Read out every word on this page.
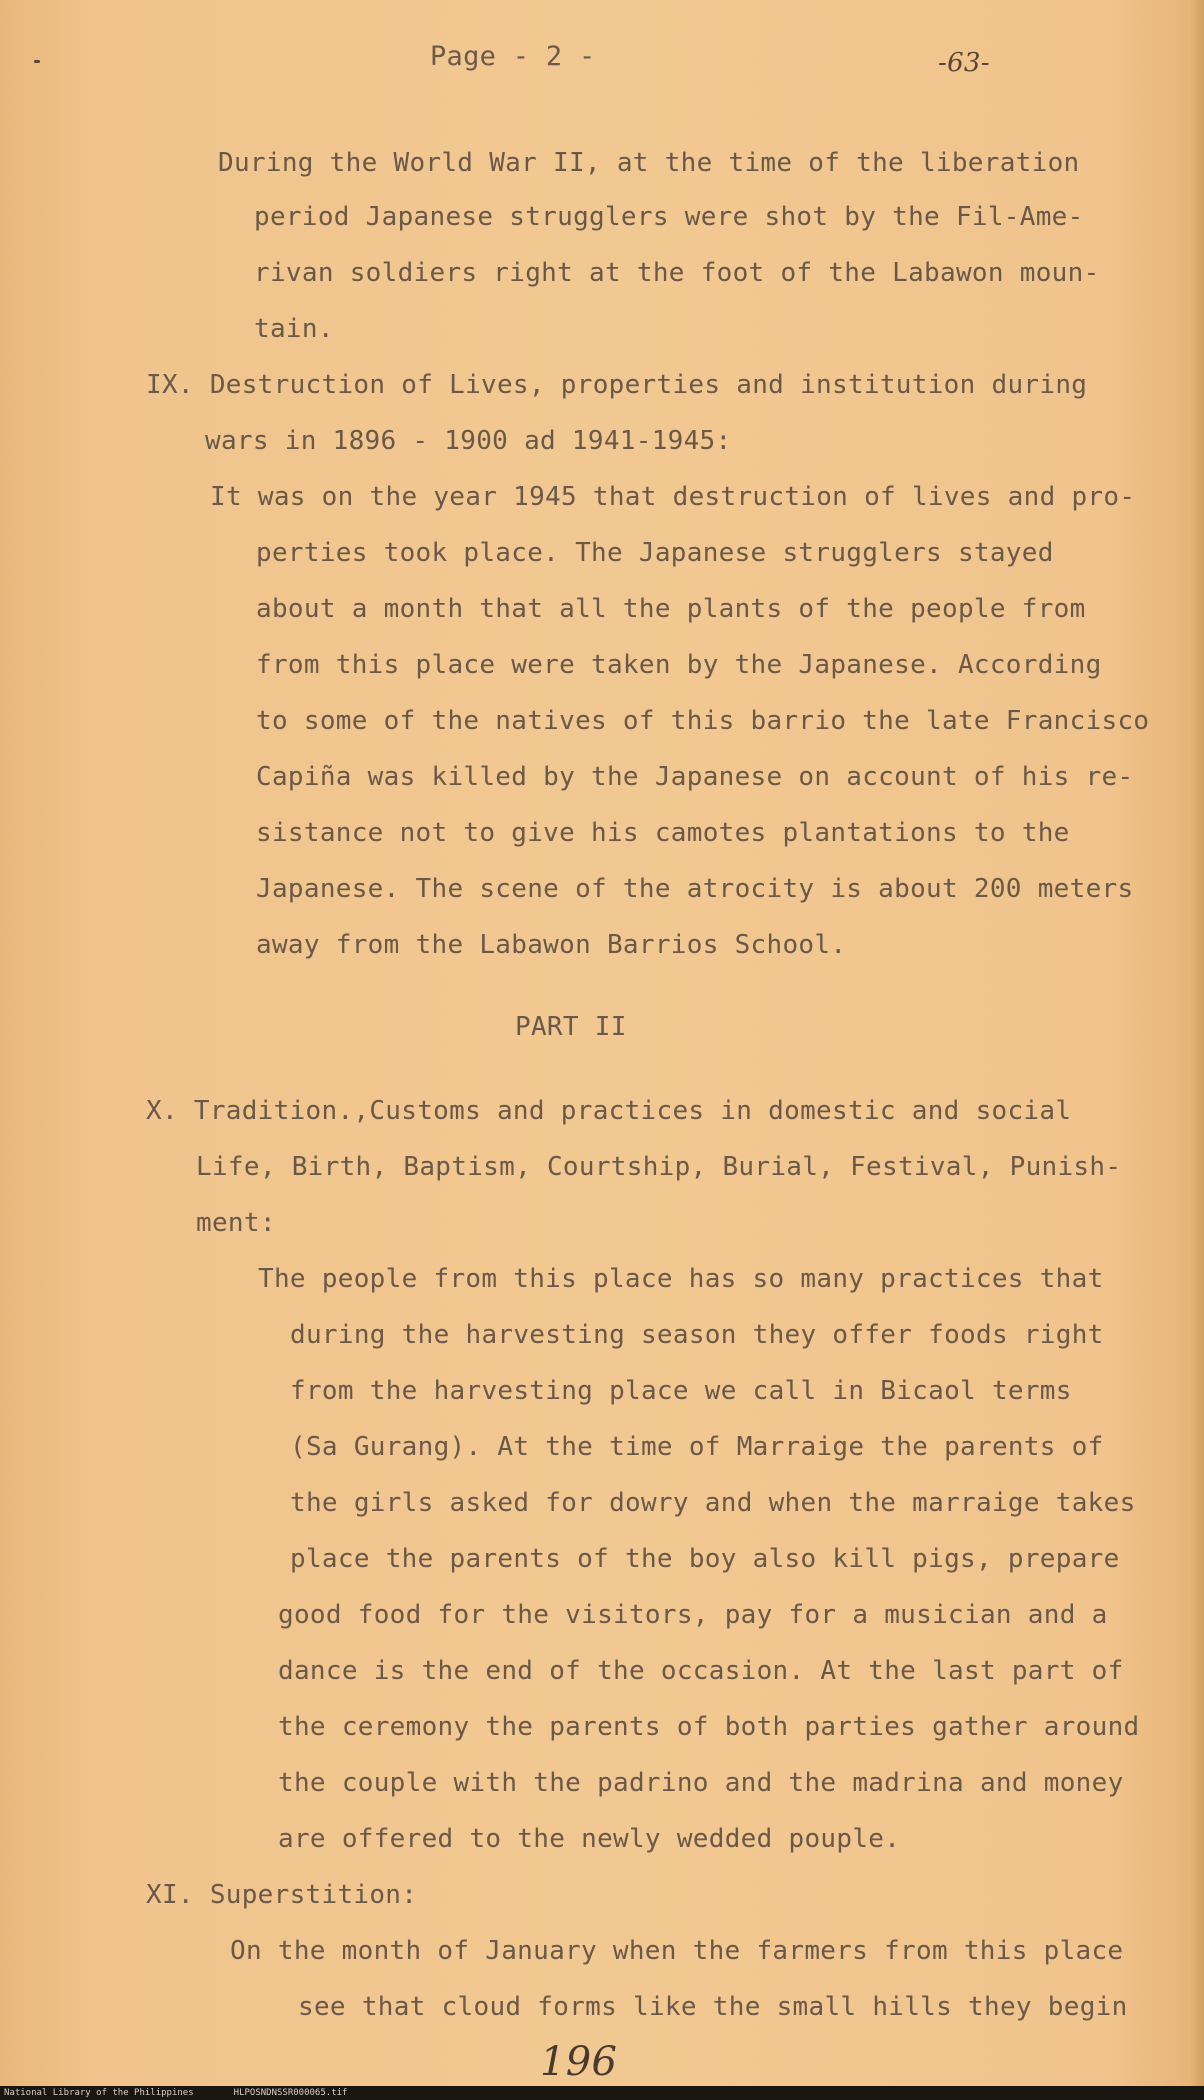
Page - 2 -	-63-
During the World War II, at the time of the liberation
period Japanese strugglers were shot by the Fil-Ame-
rivan soldiers right at the foot of the Labawon moun-
tain.
IX. Destruction of Lives, properties and institution during
wars in 1896 - 1900 ad 1941-1945:
It was on the year 1945 that destruction of lives and pro-
perties took place. The Japanese strugglers stayed
about a month that all the plants of the people from
from this place were taken by the Japanese. According
to some of the natives of this barrio the late Francisco
Capiña was killed by the Japanese on account of his re-
sistance not to give his camotes plantations to the
Japanese. The scene of the atrocity is about 200 meters
away from the Labawon Barrios School.
PART II
X. Tradition.,Customs and practices in domestic and social
Life, Birth, Baptism, Courtship, Burial, Festival, Punish-
ment:
The people from this place has so many practices that
during the harvesting season they offer foods right
from the harvesting place we call in Bicaol terms
(Sa Gurang). At the time of Marraige the parents of
the girls asked for dowry and when the marraige takes
place the parents of the boy also kill pigs, prepare
good food for the visitors, pay for a musician and a
dance is the end of the occasion. At the last part of
the ceremony the parents of both parties gather around
the couple with the padrino and the madrina and money
are offered to the newly wedded pouple.
XI. Superstition:
On the month of January when the farmers from this place
see that cloud forms like the small hills they begin
196
National Library of the Philippines	HLPOSNDNSSR000065.tif
